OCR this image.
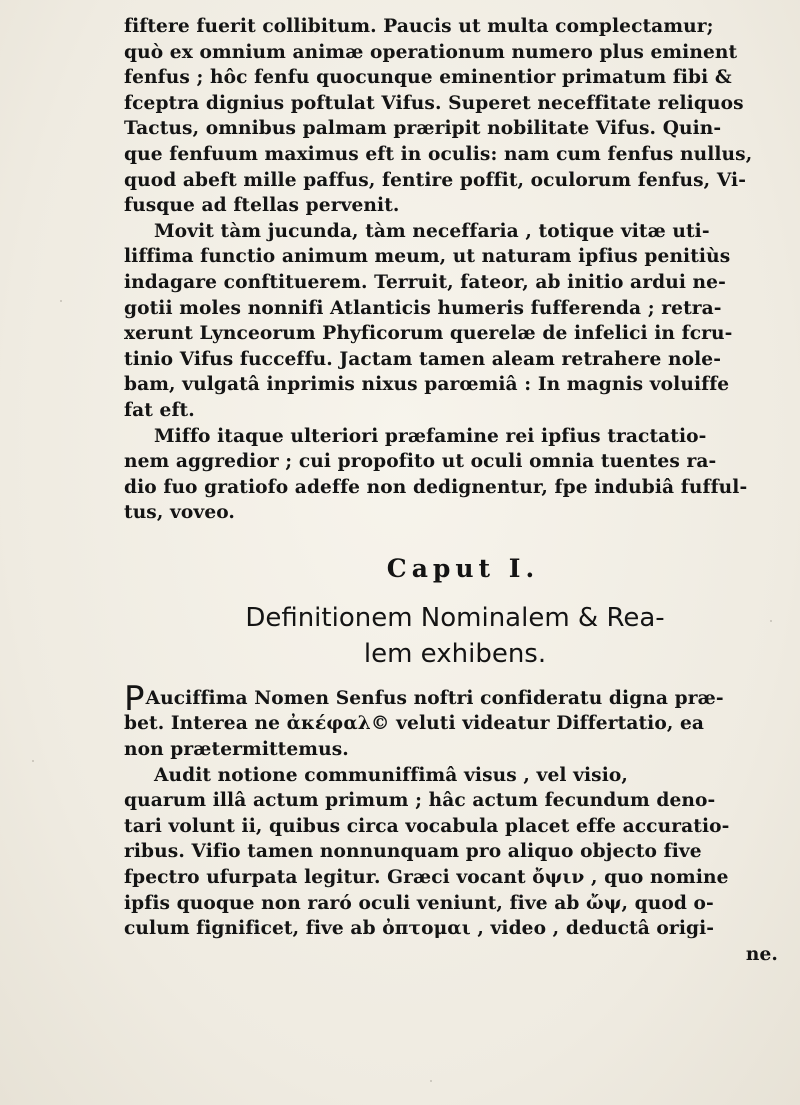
fiftere fuerit collibitum. Paucis ut multa complectamur;
quò ex omnium animæ operationum numero plus eminent
fenfus ; hôc fenfu quocunque eminentior primatum fibi &
fceptra dignius poftulat Vifus. Superet neceffitate reliquos
Tactus, omnibus palmam præripit nobilitate Vifus. Quin-
que fenfuum maximus eft in oculis: nam cum fenfus nullus,
quod abeft mille paffus, fentire poffit, oculorum fenfus, Vi-
fusque ad ftellas pervenit.
Movit tàm jucunda, tàm neceffaria , totique vitæ uti-
liffima functio animum meum, ut naturam ipfius penitiùs
indagare conftituerem. Terruit, fateor, ab initio ardui ne-
gotii moles nonnifi Atlanticis humeris fufferenda ; retra-
xerunt Lynceorum Phyficorum querelæ de infelici in fcru-
tinio Vifus fucceffu. Jactam tamen aleam retrahere nole-
bam, vulgatâ inprimis nixus parœmiâ : In magnis voluiffe
fat eft.
Miffo itaque ulteriori præfamine rei ipfius tractatio-
nem aggredior ; cui propofito ut oculi omnia tuentes ra-
dio fuo gratiofo adeffe non dedignentur, fpe indubiâ fufful-
tus, voveo.
Caput I.
Definitionem Nominalem & Rea-
lem exhibens.
PAuciffima Nomen Senfus noftri confideratu digna præ-
bet. Interea ne ἀκέφαλ© veluti videatur Differtatio, ea
non prætermittemus.
Audit notione communiffimâ visus , vel visio,
quarum illâ actum primum ; hâc actum fecundum deno-
tari volunt ii, quibus circa vocabula placet effe accuratio-
ribus. Vifio tamen nonnunquam pro aliquo objecto five
fpectro ufurpata legitur. Græci vocant ὄψιν , quo nomine
ipfis quoque non raró oculi veniunt, five ab ὤψ, quod o-
culum fignificet, five ab ὀπτομαι , video , deductâ origi-
ne.
